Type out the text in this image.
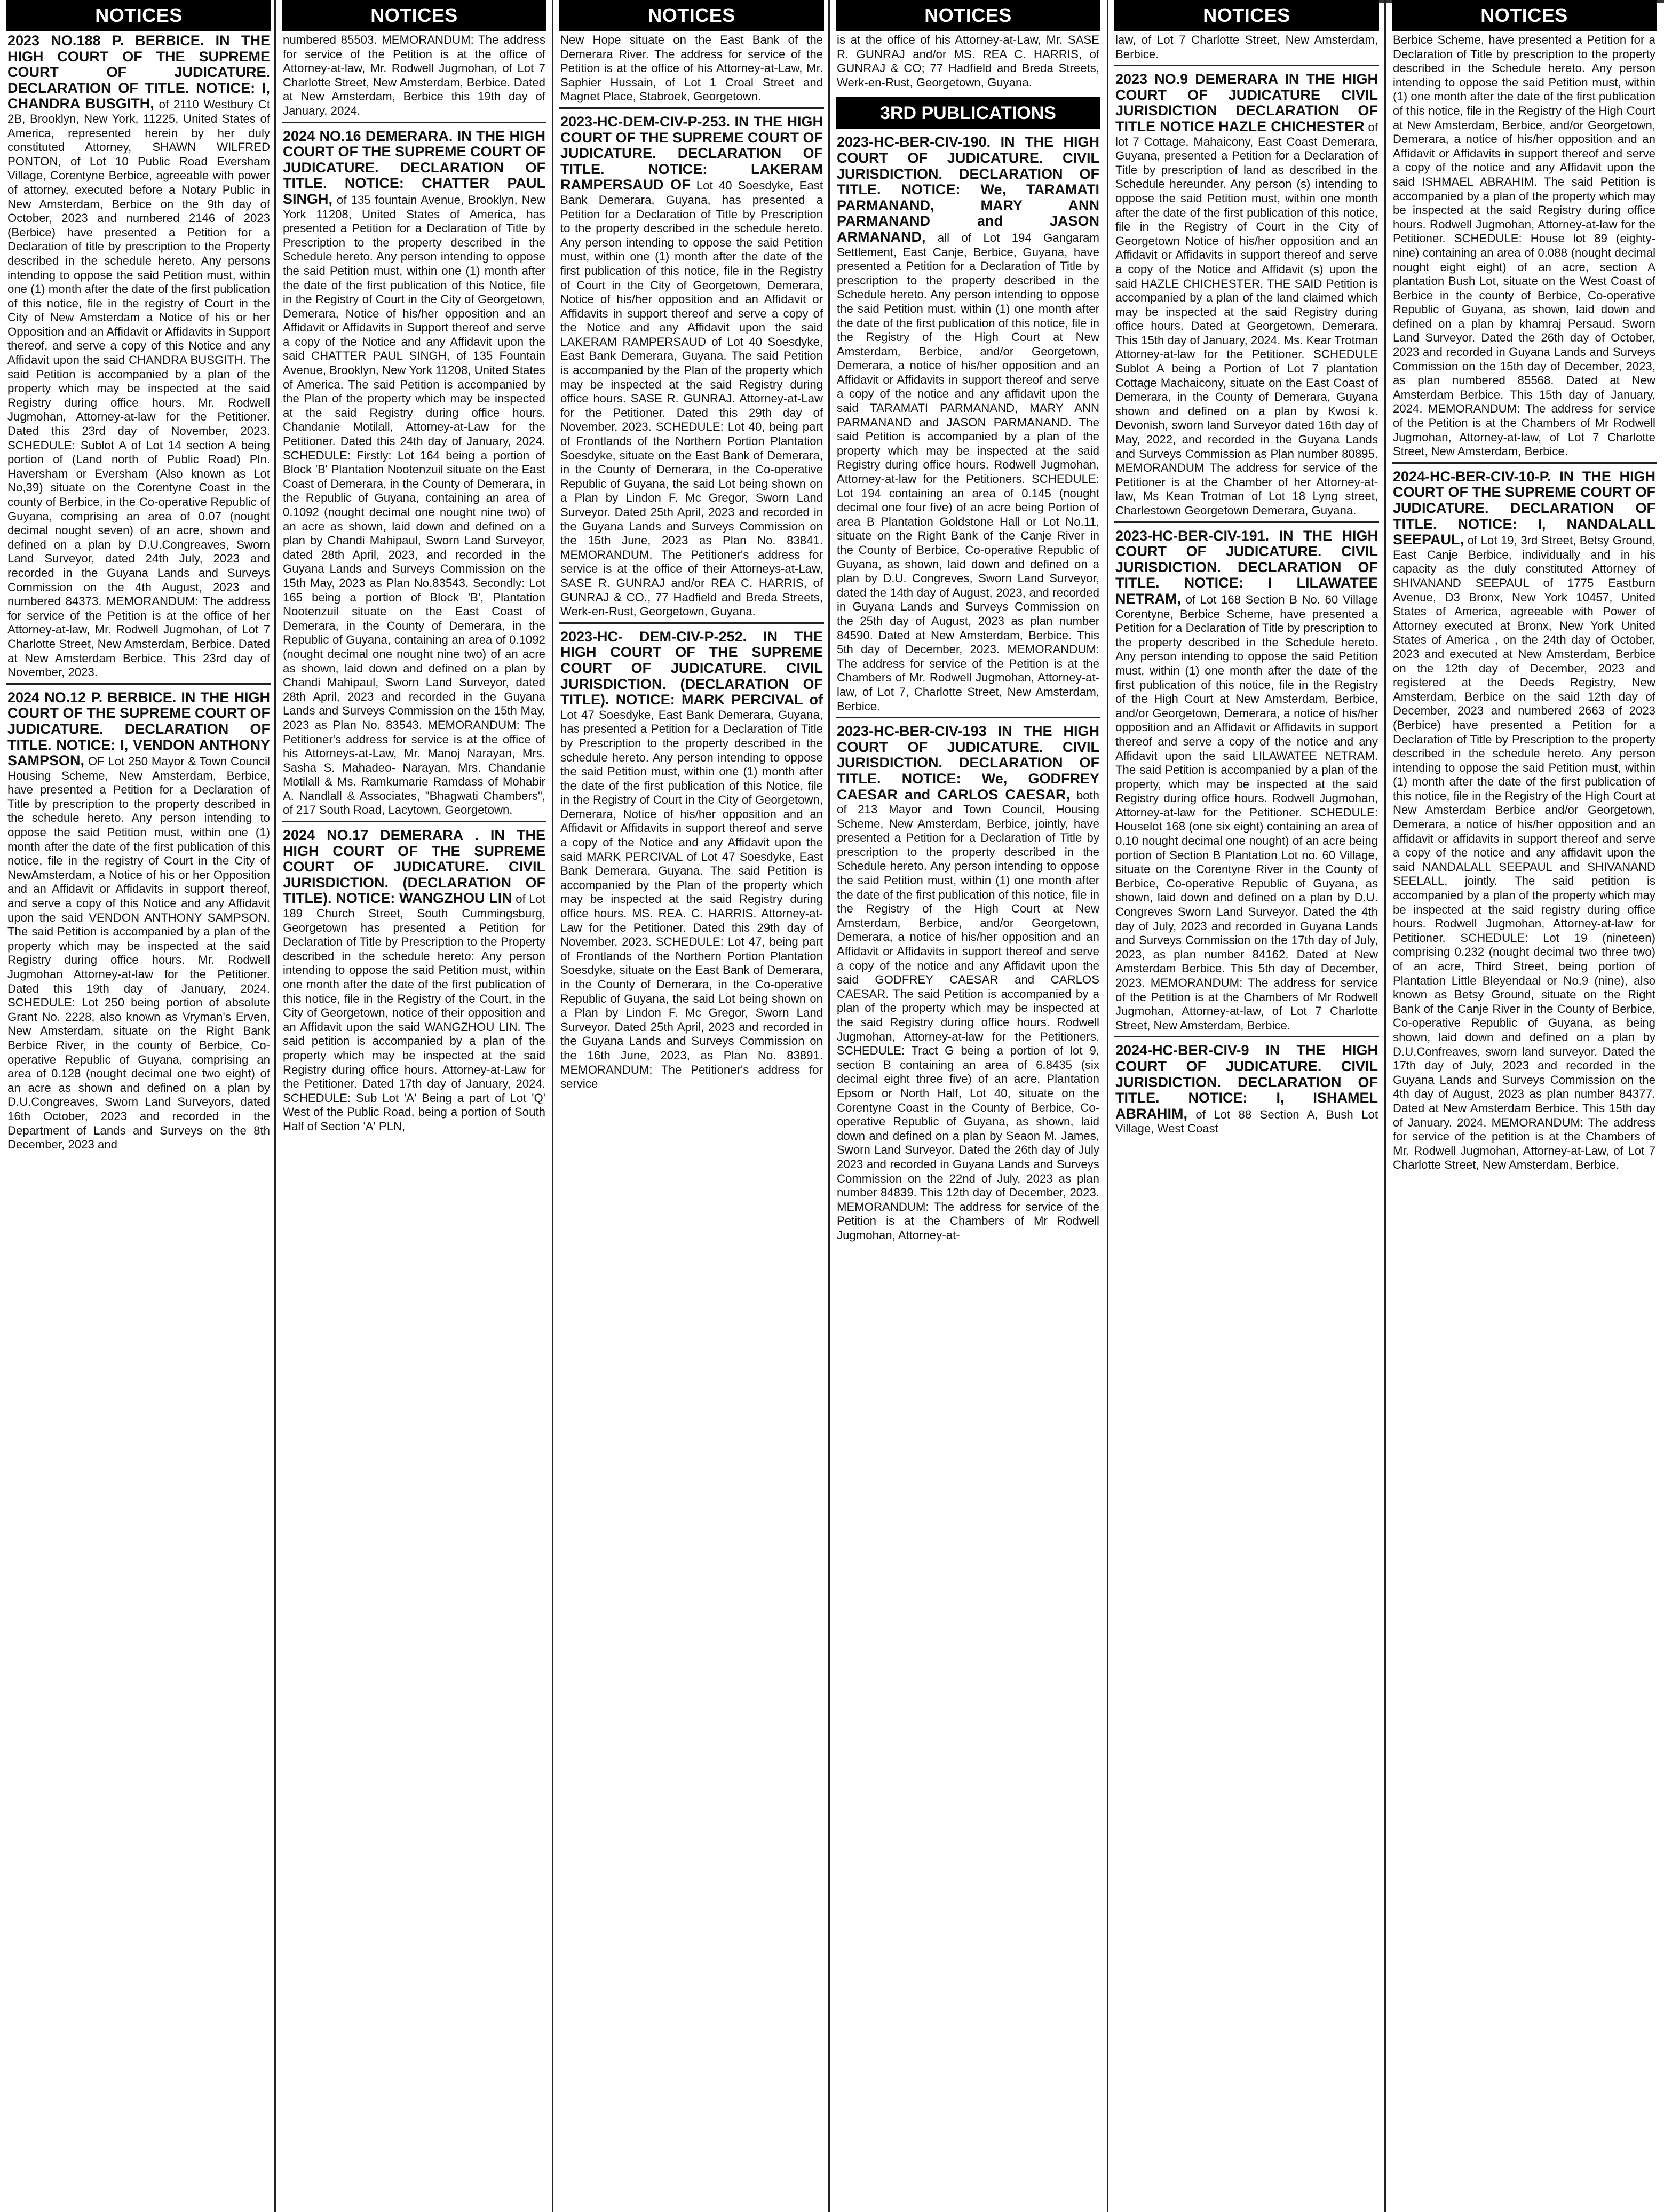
NOTICES
2023 NO.188 P. BERBICE. IN THE HIGH COURT OF THE SUPREME COURT OF JUDICATURE. DECLARATION OF TITLE. NOTICE: I, CHANDRA BUSGITH, of 2110 Westbury Ct 2B, Brooklyn, New York, 11225, United States of America, represented herein by her duly constituted Attorney, SHAWN WILFRED PONTON, of Lot 10 Public Road Eversham Village, Corentyne Berbice, agreeable with power of attorney, executed before a Notary Public in New Amsterdam, Berbice on the 9th day of October, 2023 and numbered 2146 of 2023 (Berbice) have presented a Petition for a Declaration of title by prescription to the Property described in the schedule hereto. Any persons intending to oppose the said Petition must, within one (1) month after the date of the first publication of this notice, file in the registry of Court in the City of New Amsterdam a Notice of his or her Opposition and an Affidavit or Affidavits in Support thereof, and serve a copy of this Notice and any Affidavit upon the said CHANDRA BUSGITH. The said Petition is accompanied by a plan of the property which may be inspected at the said Registry during office hours. Mr. Rodwell Jugmohan, Attorney-at-law for the Petitioner. Dated this 23rd day of November, 2023. SCHEDULE: Sublot A of Lot 14 section A being portion of (Land north of Public Road) Pln. Haversham or Eversham (Also known as Lot No,39) situate on the Corentyne Coast in the county of Berbice, in the Co-operative Republic of Guyana, comprising an area of 0.07 (nought decimal nought seven) of an acre, shown and defined on a plan by D.U.Congreaves, Sworn Land Surveyor, dated 24th July, 2023 and recorded in the Guyana Lands and Surveys Commission on the 4th August, 2023 and numbered 84373. MEMORANDUM: The address for service of the Petition is at the office of her Attorney-at-law, Mr. Rodwell Jugmohan, of Lot 7 Charlotte Street, New Amsterdam, Berbice. Dated at New Amsterdam Berbice. This 23rd day of November, 2023.
2024 NO.12 P. BERBICE. IN THE HIGH COURT OF THE SUPREME COURT OF JUDICATURE. DECLARATION OF TITLE. NOTICE: I, VENDON ANTHONY SAMPSON, OF Lot 250 Mayor & Town Council Housing Scheme, New Amsterdam, Berbice, have presented a Petition for a Declaration of Title by prescription to the property described in the schedule hereto. Any person intending to oppose the said Petition must, within one (1) month after the date of the first publication of this notice, file in the registry of Court in the City of NewAmsterdam, a Notice of his or her Opposition and an Affidavit or Affidavits in support thereof, and serve a copy of this Notice and any Affidavit upon the said VENDON ANTHONY SAMPSON. The said Petition is accompanied by a plan of the property which may be inspected at the said Registry during office hours. Mr. Rodwell Jugmohan Attorney-at-law for the Petitioner. Dated this 19th day of January, 2024. SCHEDULE: Lot 250 being portion of absolute Grant No. 2228, also known as Vryman's Erven, New Amsterdam, situate on the Right Bank Berbice River, in the county of Berbice, Co-operative Republic of Guyana, comprising an area of 0.128 (nought decimal one two eight) of an acre as shown and defined on a plan by D.U.Congreaves, Sworn Land Surveyors, dated 16th October, 2023 and recorded in the Department of Lands and Surveys on the 8th December, 2023 and
NOTICES
numbered 85503. MEMORANDUM: The address for service of the Petition is at the office of Attorney-at-law, Mr. Rodwell Jugmohan, of Lot 7 Charlotte Street, New Amsterdam, Berbice. Dated at New Amsterdam, Berbice this 19th day of January, 2024.
2024 NO.16 DEMERARA. IN THE HIGH COURT OF THE SUPREME COURT OF JUDICATURE. DECLARATION OF TITLE. NOTICE: CHATTER PAUL SINGH, of 135 fountain Avenue, Brooklyn, New York 11208, United States of America, has presented a Petition for a Declaration of Title by Prescription to the property described in the Schedule hereto. Any person intending to oppose the said Petition must, within one (1) month after the date of the first publication of this Notice, file in the Registry of Court in the City of Georgetown, Demerara, Notice of his/her opposition and an Affidavit or Affidavits in Support thereof and serve a copy of the Notice and any Affidavit upon the said CHATTER PAUL SINGH, of 135 Fountain Avenue, Brooklyn, New York 11208, United States of America. The said Petition is accompanied by the Plan of the property which may be inspected at the said Registry during office hours. Chandanie Motilall, Attorney-at-Law for the Petitioner. Dated this 24th day of January, 2024. SCHEDULE: Firstly: Lot 164 being a portion of Block 'B' Plantation Nootenzuil situate on the East Coast of Demerara, in the County of Demerara, in the Republic of Guyana, containing an area of 0.1092 (nought decimal one nought nine two) of an acre as shown, laid down and defined on a plan by Chandi Mahipaul, Sworn Land Surveyor, dated 28th April, 2023, and recorded in the Guyana Lands and Surveys Commission on the 15th May, 2023 as Plan No.83543. Secondly: Lot 165 being a portion of Block 'B', Plantation Nootenzuil situate on the East Coast of Demerara, in the County of Demerara, in the Republic of Guyana, containing an area of 0.1092 (nought decimal one nought nine two) of an acre as shown, laid down and defined on a plan by Chandi Mahipaul, Sworn Land Surveyor, dated 28th April, 2023 and recorded in the Guyana Lands and Surveys Commission on the 15th May, 2023 as Plan No. 83543. MEMORANDUM: The Petitioner's address for service is at the office of his Attorneys-at-Law, Mr. Manoj Narayan, Mrs. Sasha S. Mahadeo- Narayan, Mrs. Chandanie Motilall & Ms. Ramkumarie Ramdass of Mohabir A. Nandlall & Associates, "Bhagwati Chambers", of 217 South Road, Lacytown, Georgetown.
2024 NO.17 DEMERARA . IN THE HIGH COURT OF THE SUPREME COURT OF JUDICATURE. CIVIL JURISDICTION. (DECLARATION OF TITLE). NOTICE: WANGZHOU LIN of Lot 189 Church Street, South Cummingsburg, Georgetown has presented a Petition for Declaration of Title by Prescription to the Property described in the schedule hereto: Any person intending to oppose the said Petition must, within one month after the date of the first publication of this notice, file in the Registry of the Court, in the City of Georgetown, notice of their opposition and an Affidavit upon the said WANGZHOU LIN. The said petition is accompanied by a plan of the property which may be inspected at the said Registry during office hours. Attorney-at-Law for the Petitioner. Dated 17th day of January, 2024. SCHEDULE: Sub Lot 'A' Being a part of Lot 'Q' West of the Public Road, being a portion of South Half of Section 'A' PLN,
NOTICES
New Hope situate on the East Bank of the Demerara River. The address for service of the Petition is at the office of his Attorney-at-Law, Mr. Saphier Hussain, of Lot 1 Croal Street and Magnet Place, Stabroek, Georgetown.
2023-HC-DEM-CIV-P-253. IN THE HIGH COURT OF THE SUPREME COURT OF JUDICATURE. DECLARATION OF TITLE. NOTICE: LAKERAM RAMPERSAUD OF Lot 40 Soesdyke, East Bank Demerara, Guyana, has presented a Petition for a Declaration of Title by Prescription to the property described in the schedule hereto. Any person intending to oppose the said Petition must, within one (1) month after the date of the first publication of this notice, file in the Registry of Court in the City of Georgetown, Demerara, Notice of his/her opposition and an Affidavit or Affidavits in support thereof and serve a copy of the Notice and any Affidavit upon the said LAKERAM RAMPERSAUD of Lot 40 Soesdyke, East Bank Demerara, Guyana. The said Petition is accompanied by the Plan of the property which may be inspected at the said Registry during office hours. SASE R. GUNRAJ. Attorney-at-Law for the Petitioner. Dated this 29th day of November, 2023. SCHEDULE: Lot 40, being part of Frontlands of the Northern Portion Plantation Soesdyke, situate on the East Bank of Demerara, in the County of Demerara, in the Co-operative Republic of Guyana, the said Lot being shown on a Plan by Lindon F. Mc Gregor, Sworn Land Surveyor. Dated 25th April, 2023 and recorded in the Guyana Lands and Surveys Commission on the 15th June, 2023 as Plan No. 83841. MEMORANDUM. The Petitioner's address for service is at the office of their Attorneys-at-Law, SASE R. GUNRAJ and/or REA C. HARRIS, of GUNRAJ & CO., 77 Hadfield and Breda Streets, Werk-en-Rust, Georgetown, Guyana.
2023-HC- DEM-CIV-P-252. IN THE HIGH COURT OF THE SUPREME COURT OF JUDICATURE. CIVIL JURISDICTION. (DECLARATION OF TITLE). NOTICE: MARK PERCIVAL of Lot 47 Soesdyke, East Bank Demerara, Guyana, has presented a Petition for a Declaration of Title by Prescription to the property described in the schedule hereto. Any person intending to oppose the said Petition must, within one (1) month after the date of the first publication of this Notice, file in the Registry of Court in the City of Georgetown, Demerara, Notice of his/her opposition and an Affidavit or Affidavits in support thereof and serve a copy of the Notice and any Affidavit upon the said MARK PERCIVAL of Lot 47 Soesdyke, East Bank Demerara, Guyana. The said Petition is accompanied by the Plan of the property which may be inspected at the said Registry during office hours. MS. REA. C. HARRIS. Attorney-at-Law for the Petitioner. Dated this 29th day of November, 2023. SCHEDULE: Lot 47, being part of Frontlands of the Northern Portion Plantation Soesdyke, situate on the East Bank of Demerara, in the County of Demerara, in the Co-operative Republic of Guyana, the said Lot being shown on a Plan by Lindon F. Mc Gregor, Sworn Land Surveyor. Dated 25th April, 2023 and recorded in the Guyana Lands and Surveys Commission on the 16th June, 2023, as Plan No. 83891. MEMORANDUM: The Petitioner's address for service
NOTICES
is at the office of his Attorney-at-Law, Mr. SASE R. GUNRAJ and/or MS. REA C. HARRIS, of GUNRAJ & CO; 77 Hadfield and Breda Streets, Werk-en-Rust, Georgetown, Guyana.
3RD PUBLICATIONS
2023-HC-BER-CIV-190. IN THE HIGH COURT OF JUDICATURE. CIVIL JURISDICTION. DECLARATION OF TITLE. NOTICE: We, TARAMATI PARMANAND, MARY ANN PARMANAND and JASON ARMANAND, all of Lot 194 Gangaram Settlement, East Canje, Berbice, Guyana, have presented a Petition for a Declaration of Title by prescription to the property described in the Schedule hereto. Any person intending to oppose the said Petition must, within (1) one month after the date of the first publication of this notice, file in the Registry of the High Court at New Amsterdam, Berbice, and/or Georgetown, Demerara, a notice of his/her opposition and an Affidavit or Affidavits in support thereof and serve a copy of the notice and any affidavit upon the said TARAMATI PARMANAND, MARY ANN PARMANAND and JASON PARMANAND. The said Petition is accompanied by a plan of the property which may be inspected at the said Registry during office hours. Rodwell Jugmohan, Attorney-at-law for the Petitioners. SCHEDULE: Lot 194 containing an area of 0.145 (nought decimal one four five) of an acre being Portion of area B Plantation Goldstone Hall or Lot No.11, situate on the Right Bank of the Canje River in the County of Berbice, Co-operative Republic of Guyana, as shown, laid down and defined on a plan by D.U. Congreves, Sworn Land Surveyor, dated the 14th day of August, 2023, and recorded in Guyana Lands and Surveys Commission on the 25th day of August, 2023 as plan number 84590. Dated at New Amsterdam, Berbice. This 5th day of December, 2023. MEMORANDUM: The address for service of the Petition is at the Chambers of Mr. Rodwell Jugmohan, Attorney-at-law, of Lot 7, Charlotte Street, New Amsterdam, Berbice.
2023-HC-BER-CIV-193 IN THE HIGH COURT OF JUDICATURE. CIVIL JURISDICTION. DECLARATION OF TITLE. NOTICE: We, GODFREY CAESAR and CARLOS CAESAR, both of 213 Mayor and Town Council, Housing Scheme, New Amsterdam, Berbice, jointly, have presented a Petition for a Declaration of Title by prescription to the property described in the Schedule hereto. Any person intending to oppose the said Petition must, within (1) one month after the date of the first publication of this notice, file in the Registry of the High Court at New Amsterdam, Berbice, and/or Georgetown, Demerara, a notice of his/her opposition and an Affidavit or Affidavits in support thereof and serve a copy of the notice and any Affidavit upon the said GODFREY CAESAR and CARLOS CAESAR. The said Petition is accompanied by a plan of the property which may be inspected at the said Registry during office hours. Rodwell Jugmohan, Attorney-at-law for the Petitioners. SCHEDULE: Tract G being a portion of lot 9, section B containing an area of 6.8435 (six decimal eight three five) of an acre, Plantation Epsom or North Half, Lot 40, situate on the Corentyne Coast in the County of Berbice, Co-operative Republic of Guyana, as shown, laid down and defined on a plan by Seaon M. James, Sworn Land Surveyor. Dated the 26th day of July 2023 and recorded in Guyana Lands and Surveys Commission on the 22nd of July, 2023 as plan number 84839. This 12th day of December, 2023. MEMORANDUM: The address for service of the Petition is at the Chambers of Mr Rodwell Jugmohan, Attorney-at-
NOTICES
law, of Lot 7 Charlotte Street, New Amsterdam, Berbice.
2023 NO.9 DEMERARA IN THE HIGH COURT OF JUDICATURE CIVIL JURISDICTION DECLARATION OF TITLE NOTICE HAZLE CHICHESTER of lot 7 Cottage, Mahaicony, East Coast Demerara, Guyana, presented a Petition for a Declaration of Title by prescription of land as described in the Schedule hereunder. Any person (s) intending to oppose the said Petition must, within one month after the date of the first publication of this notice, file in the Registry of Court in the City of Georgetown Notice of his/her opposition and an Affidavit or Affidavits in support thereof and serve a copy of the Notice and Affidavit (s) upon the said HAZLE CHICHESTER. THE SAID Petition is accompanied by a plan of the land claimed which may be inspected at the said Registry during office hours. Dated at Georgetown, Demerara. This 15th day of January, 2024. Ms. Kear Trotman Attorney-at-law for the Petitioner. SCHEDULE Sublot A being a Portion of Lot 7 plantation Cottage Machaicony, situate on the East Coast of Demerara, in the County of Demerara, Guyana shown and defined on a plan by Kwosi k. Devonish, sworn land Surveyor dated 16th day of May, 2022, and recorded in the Guyana Lands and Surveys Commission as Plan number 80895. MEMORANDUM The address for service of the Petitioner is at the Chamber of her Attorney-at-law, Ms Kean Trotman of Lot 18 Lyng street, Charlestown Georgetown Demerara, Guyana.
2023-HC-BER-CIV-191. IN THE HIGH COURT OF JUDICATURE. CIVIL JURISDICTION. DECLARATION OF TITLE. NOTICE: I LILAWATEE NETRAM, of Lot 168 Section B No. 60 Village Corentyne, Berbice Scheme, have presented a Petition for a Declaration of Title by prescription to the property described in the Schedule hereto. Any person intending to oppose the said Petition must, within (1) one month after the date of the first publication of this notice, file in the Registry of the High Court at New Amsterdam, Berbice, and/or Georgetown, Demerara, a notice of his/her opposition and an Affidavit or Affidavits in support thereof and serve a copy of the notice and any Affidavit upon the said LILAWATEE NETRAM. The said Petition is accompanied by a plan of the property, which may be inspected at the said Registry during office hours. Rodwell Jugmohan, Attorney-at-law for the Petitioner. SCHEDULE: Houselot 168 (one six eight) containing an area of 0.10 nought decimal one nought) of an acre being portion of Section B Plantation Lot no. 60 Village, situate on the Corentyne River in the County of Berbice, Co-operative Republic of Guyana, as shown, laid down and defined on a plan by D.U. Congreves Sworn Land Surveyor. Dated the 4th day of July, 2023 and recorded in Guyana Lands and Surveys Commission on the 17th day of July, 2023, as plan number 84162. Dated at New Amsterdam Berbice. This 5th day of December, 2023. MEMORANDUM: The address for service of the Petition is at the Chambers of Mr Rodwell Jugmohan, Attorney-at-law, of Lot 7 Charlotte Street, New Amsterdam, Berbice.
2024-HC-BER-CIV-9 IN THE HIGH COURT OF JUDICATURE. CIVIL JURISDICTION. DECLARATION OF TITLE. NOTICE: I, ISHAMEL ABRAHIM, of Lot 88 Section A, Bush Lot Village, West Coast
NOTICES
Berbice Scheme, have presented a Petition for a Declaration of Title by prescription to the property described in the Schedule hereto. Any person intending to oppose the said Petition must, within (1) one month after the date of the first publication of this notice, file in the Registry of the High Court at New Amsterdam, Berbice, and/or Georgetown, Demerara, a notice of his/her opposition and an Affidavit or Affidavits in support thereof and serve a copy of the notice and any Affidavit upon the said ISHMAEL ABRAHIM. The said Petition is accompanied by a plan of the property which may be inspected at the said Registry during office hours. Rodwell Jugmohan, Attorney-at-law for the Petitioner. SCHEDULE: House lot 89 (eighty-nine) containing an area of 0.088 (nought decimal nought eight eight) of an acre, section A plantation Bush Lot, situate on the West Coast of Berbice in the county of Berbice, Co-operative Republic of Guyana, as shown, laid down and defined on a plan by khamraj Persaud. Sworn Land Surveyor. Dated the 26th day of October, 2023 and recorded in Guyana Lands and Surveys Commission on the 15th day of December, 2023, as plan numbered 85568. Dated at New Amsterdam Berbice. This 15th day of January, 2024. MEMORANDUM: The address for service of the Petition is at the Chambers of Mr Rodwell Jugmohan, Attorney-at-law, of Lot 7 Charlotte Street, New Amsterdam, Berbice.
2024-HC-BER-CIV-10-P. IN THE HIGH COURT OF THE SUPREME COURT OF JUDICATURE. DECLARATION OF TITLE. NOTICE: I, NANDALALL SEEPAUL, of Lot 19, 3rd Street, Betsy Ground, East Canje Berbice, individually and in his capacity as the duly constituted Attorney of SHIVANAND SEEPAUL of 1775 Eastburn Avenue, D3 Bronx, New York 10457, United States of America, agreeable with Power of Attorney executed at Bronx, New York United States of America , on the 24th day of October, 2023 and executed at New Amsterdam, Berbice on the 12th day of December, 2023 and registered at the Deeds Registry, New Amsterdam, Berbice on the said 12th day of December, 2023 and numbered 2663 of 2023 (Berbice) have presented a Petition for a Declaration of Title by Prescription to the property described in the schedule hereto. Any person intending to oppose the said Petition must, within (1) month after the date of the first publication of this notice, file in the Registry of the High Court at New Amsterdam Berbice and/or Georgetown, Demerara, a notice of his/her opposition and an affidavit or affidavits in support thereof and serve a copy of the notice and any affidavit upon the said NANDALALL SEEPAUL and SHIVANAND SEELALL, jointly. The said petition is accompanied by a plan of the property which may be inspected at the said registry during office hours. Rodwell Jugmohan, Attorney-at-law for Petitioner. SCHEDULE: Lot 19 (nineteen) comprising 0.232 (nought decimal two three two) of an acre, Third Street, being portion of Plantation Little Bleyendaal or No.9 (nine), also known as Betsy Ground, situate on the Right Bank of the Canje River in the County of Berbice, Co-operative Republic of Guyana, as being shown, laid down and defined on a plan by D.U.Confreaves, sworn land surveyor. Dated the 17th day of July, 2023 and recorded in the Guyana Lands and Surveys Commission on the 4th day of August, 2023 as plan number 84377. Dated at New Amsterdam Berbice. This 15th day of January. 2024. MEMORANDUM: The address for service of the petition is at the Chambers of Mr. Rodwell Jugmohan, Attorney-at-Law, of Lot 7 Charlotte Street, New Amsterdam, Berbice.
